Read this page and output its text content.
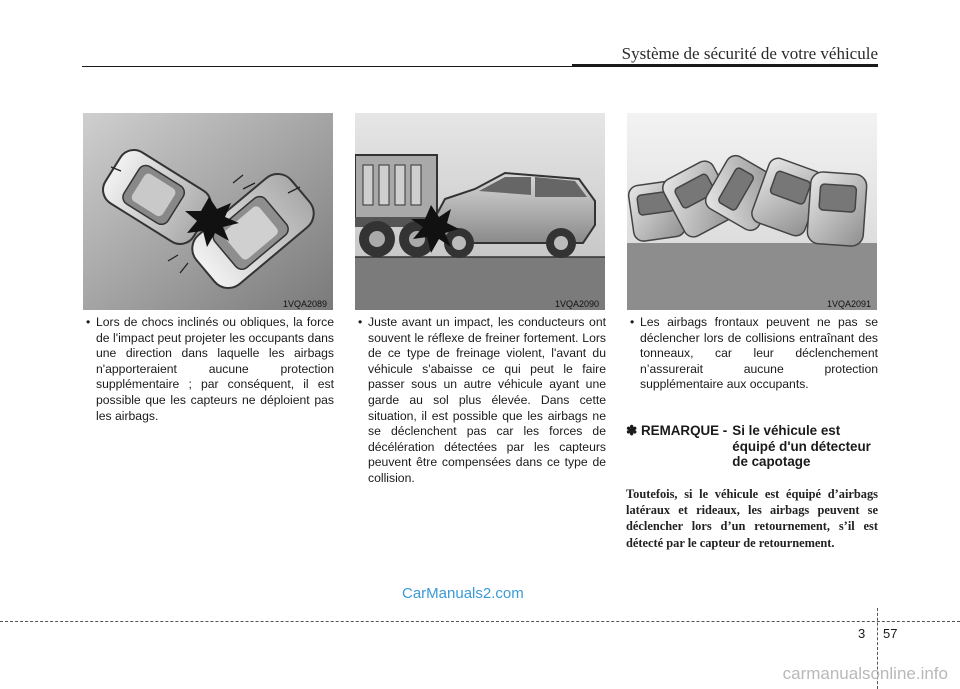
Système de sécurité de votre véhicule
1VQA2089	1VQA2090	1VQA2091
• Lors de chocs inclinés ou obliques, la force de l'impact peut projeter les occupants dans une direction dans laquelle les airbags n'apporteraient aucune protection supplémentaire ; par conséquent, il est possible que les capteurs ne déploient pas les airbags.
• Juste avant un impact, les conducteurs ont souvent le réflexe de freiner fortement. Lors de ce type de freinage violent, l'avant du véhicule s'abaisse ce qui peut le faire passer sous un autre véhicule ayant une garde au sol plus élevée. Dans cette situation, il est possible que les airbags ne se déclenchent pas car les forces de décélération détectées par les capteurs peuvent être compensées dans ce type de collision.
• Les airbags frontaux peuvent ne pas se déclencher lors de collisions entraînant des tonneaux, car leur déclenchement n’assurerait aucune protection supplémentaire aux occupants.
✽ REMARQUE - Si le véhicule est équipé d'un détecteur de capotage
Toutefois, si le véhicule est équipé d’airbags latéraux et rideaux, les airbags peuvent se déclencher lors d’un retournement, s’il est détecté par le capteur de retournement.
CarManuals2.com
3 57
carmanualsonline.info
